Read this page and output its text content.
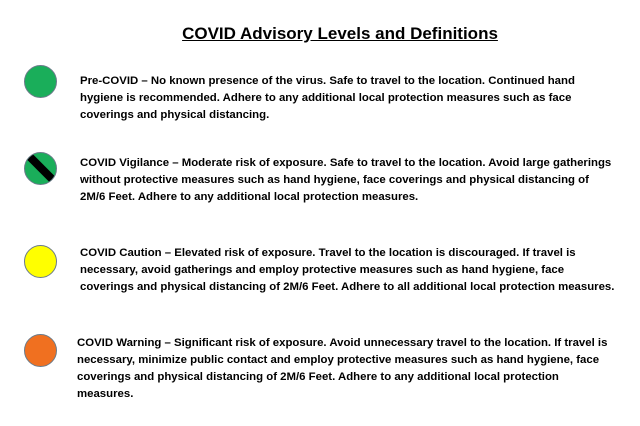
COVID Advisory Levels and Definitions
Pre-COVID – No known presence of the virus. Safe to travel to the location. Continued hand hygiene is recommended. Adhere to any additional local protection measures such as face coverings and physical distancing.
COVID Vigilance – Moderate risk of exposure. Safe to travel to the location. Avoid large gatherings without protective measures such as hand hygiene, face coverings and physical distancing of 2M/6 Feet. Adhere to any additional local protection measures.
COVID Caution – Elevated risk of exposure. Travel to the location is discouraged. If travel is necessary, avoid gatherings and employ protective measures such as hand hygiene, face coverings and physical distancing of 2M/6 Feet. Adhere to all additional local protection measures.
COVID Warning – Significant risk of exposure. Avoid unnecessary travel to the location. If travel is necessary, minimize public contact and employ protective measures such as hand hygiene, face coverings and physical distancing of 2M/6 Feet. Adhere to any additional local protection measures.
